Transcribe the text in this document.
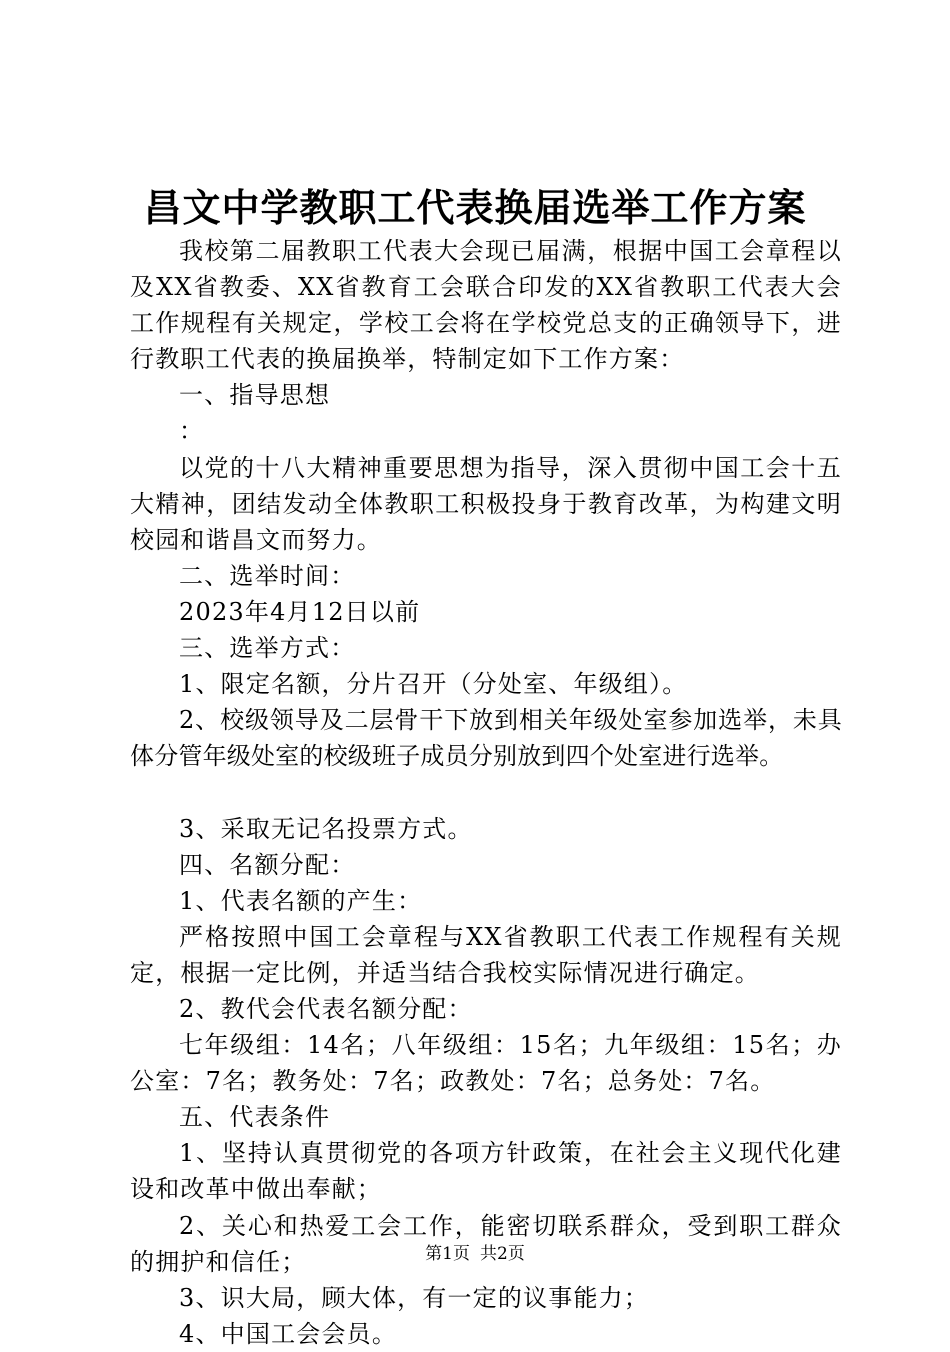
昌文中学教职工代表换届选举工作方案

我校第二届教职工代表大会现已届满，根据中国工会章程以及XX省教委、XX省教育工会联合印发的XX省教职工代表大会工作规程有关规定，学校工会将在学校党总支的正确领导下，进行教职工代表的换届换举，特制定如下工作方案：

一、指导思想

：

以党的十八大精神重要思想为指导，深入贯彻中国工会十五大精神，团结发动全体教职工积极投身于教育改革，为构建文明校园和谐昌文而努力。

二、选举时间：

2023年4月12日以前

三、选举方式：

1、限定名额，分片召开（分处室、年级组）。

2、校级领导及二层骨干下放到相关年级处室参加选举，未具体分管年级处室的校级班子成员分别放到四个处室进行选举。

3、采取无记名投票方式。

四、名额分配：

1、代表名额的产生：

严格按照中国工会章程与XX省教职工代表工作规程有关规定，根据一定比例，并适当结合我校实际情况进行确定。

2、教代会代表名额分配：

七年级组：14名；八年级组：15名；九年级组：15名；办公室：7名；教务处：7名；政教处：7名；总务处：7名。

五、代表条件

1、坚持认真贯彻党的各项方针政策，在社会主义现代化建设和改革中做出奉献；

2、关心和热爱工会工作，能密切联系群众，受到职工群众的拥护和信任；

3、识大局，顾大体，有一定的议事能力；

4、中国工会会员。

第1页 共2页
